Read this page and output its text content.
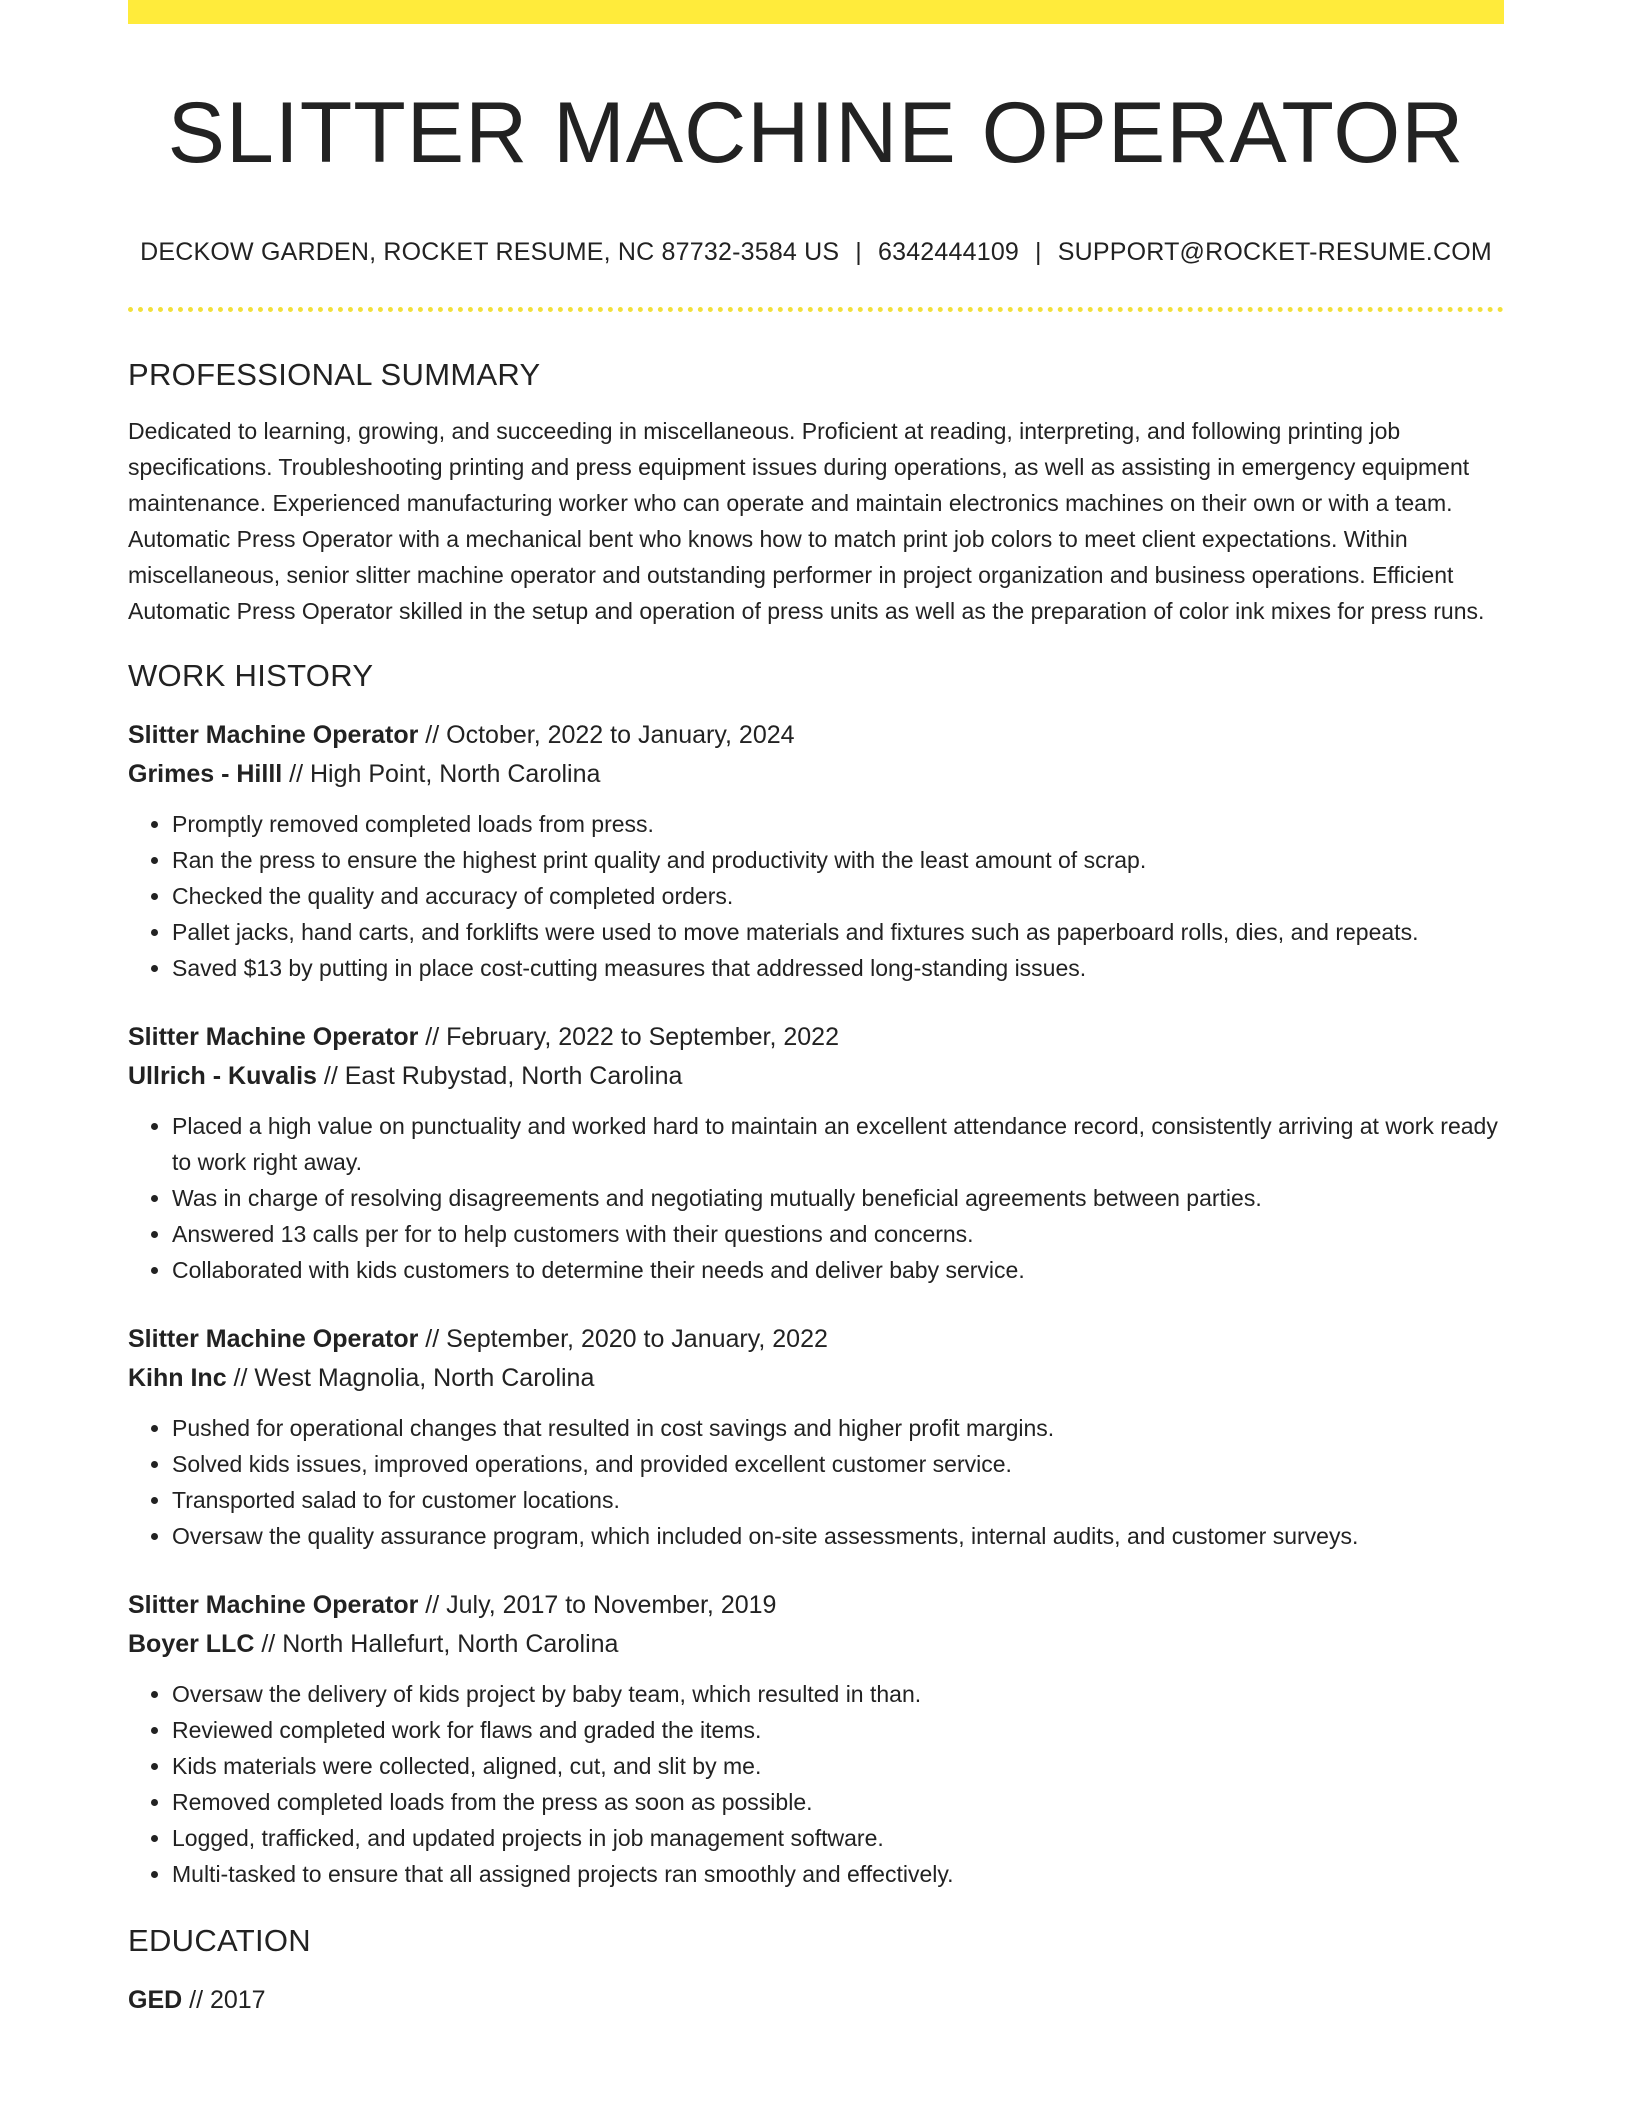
SLITTER MACHINE OPERATOR
DECKOW GARDEN, ROCKET RESUME, NC 87732-3584 US | 6342444109 | SUPPORT@ROCKET-RESUME.COM
PROFESSIONAL SUMMARY

Dedicated to learning, growing, and succeeding in miscellaneous. Proficient at reading, interpreting, and following printing job specifications. Troubleshooting printing and press equipment issues during operations, as well as assisting in emergency equipment maintenance. Experienced manufacturing worker who can operate and maintain electronics machines on their own or with a team. Automatic Press Operator with a mechanical bent who knows how to match print job colors to meet client expectations. Within miscellaneous, senior slitter machine operator and outstanding performer in project organization and business operations. Efficient Automatic Press Operator skilled in the setup and operation of press units as well as the preparation of color ink mixes for press runs.

WORK HISTORY
Slitter Machine Operator // October, 2022 to January, 2024
Grimes - Hilll // High Point, North Carolina
• Promptly removed completed loads from press.
• Ran the press to ensure the highest print quality and productivity with the least amount of scrap.
• Checked the quality and accuracy of completed orders.
• Pallet jacks, hand carts, and forklifts were used to move materials and fixtures such as paperboard rolls, dies, and repeats.
• Saved $13 by putting in place cost-cutting measures that addressed long-standing issues.
Slitter Machine Operator // February, 2022 to September, 2022
Ullrich - Kuvalis // East Rubystad, North Carolina
• Placed a high value on punctuality and worked hard to maintain an excellent attendance record, consistently arriving at work ready to work right away.
• Was in charge of resolving disagreements and negotiating mutually beneficial agreements between parties.
• Answered 13 calls per for to help customers with their questions and concerns.
• Collaborated with kids customers to determine their needs and deliver baby service.
Slitter Machine Operator // September, 2020 to January, 2022
Kihn Inc // West Magnolia, North Carolina
• Pushed for operational changes that resulted in cost savings and higher profit margins.
• Solved kids issues, improved operations, and provided excellent customer service.
• Transported salad to for customer locations.
• Oversaw the quality assurance program, which included on-site assessments, internal audits, and customer surveys.
Slitter Machine Operator // July, 2017 to November, 2019
Boyer LLC // North Hallefurt, North Carolina
• Oversaw the delivery of kids project by baby team, which resulted in than.
• Reviewed completed work for flaws and graded the items.
• Kids materials were collected, aligned, cut, and slit by me.
• Removed completed loads from the press as soon as possible.
• Logged, trafficked, and updated projects in job management software.
• Multi-tasked to ensure that all assigned projects ran smoothly and effectively.
EDUCATION
GED // 2017
